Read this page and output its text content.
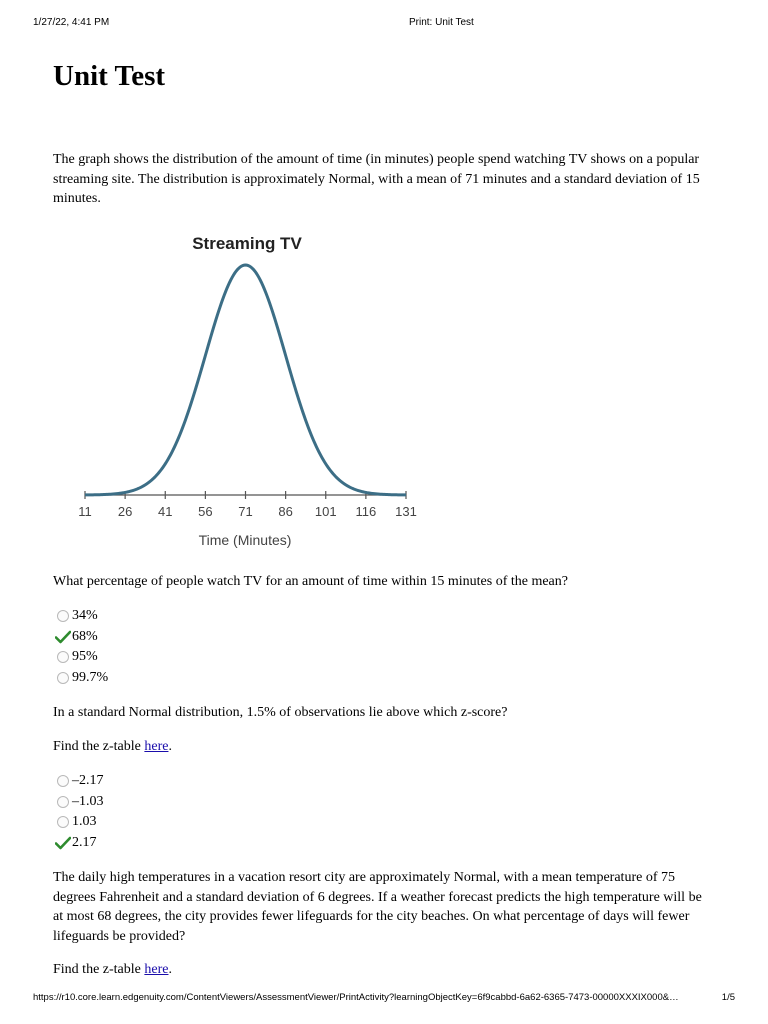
1/27/22, 4:41 PM	Print: Unit Test
Unit Test

The graph shows the distribution of the amount of time (in minutes) people spend watching TV shows on a popular streaming site. The distribution is approximately Normal, with a mean of 71 minutes and a standard deviation of 15 minutes.

Streaming TV
11 26 41 56 71 86 101 116 131
Time (Minutes)

What percentage of people watch TV for an amount of time within 15 minutes of the mean?

34%
68%
95%
99.7%

In a standard Normal distribution, 1.5% of observations lie above which z-score?

Find the z-table here.

–2.17
–1.03
1.03
2.17

The daily high temperatures in a vacation resort city are approximately Normal, with a mean temperature of 75 degrees Fahrenheit and a standard deviation of 6 degrees. If a weather forecast predicts the high temperature will be at most 68 degrees, the city provides fewer lifeguards for the city beaches. On what percentage of days will fewer lifeguards be provided?

Find the z-table here.

https://r10.core.learn.edgenuity.com/ContentViewers/AssessmentViewer/PrintActivity?learningObjectKey=6f9cabbd-6a62-6365-7473-00000XXXIX000&…	1/5
